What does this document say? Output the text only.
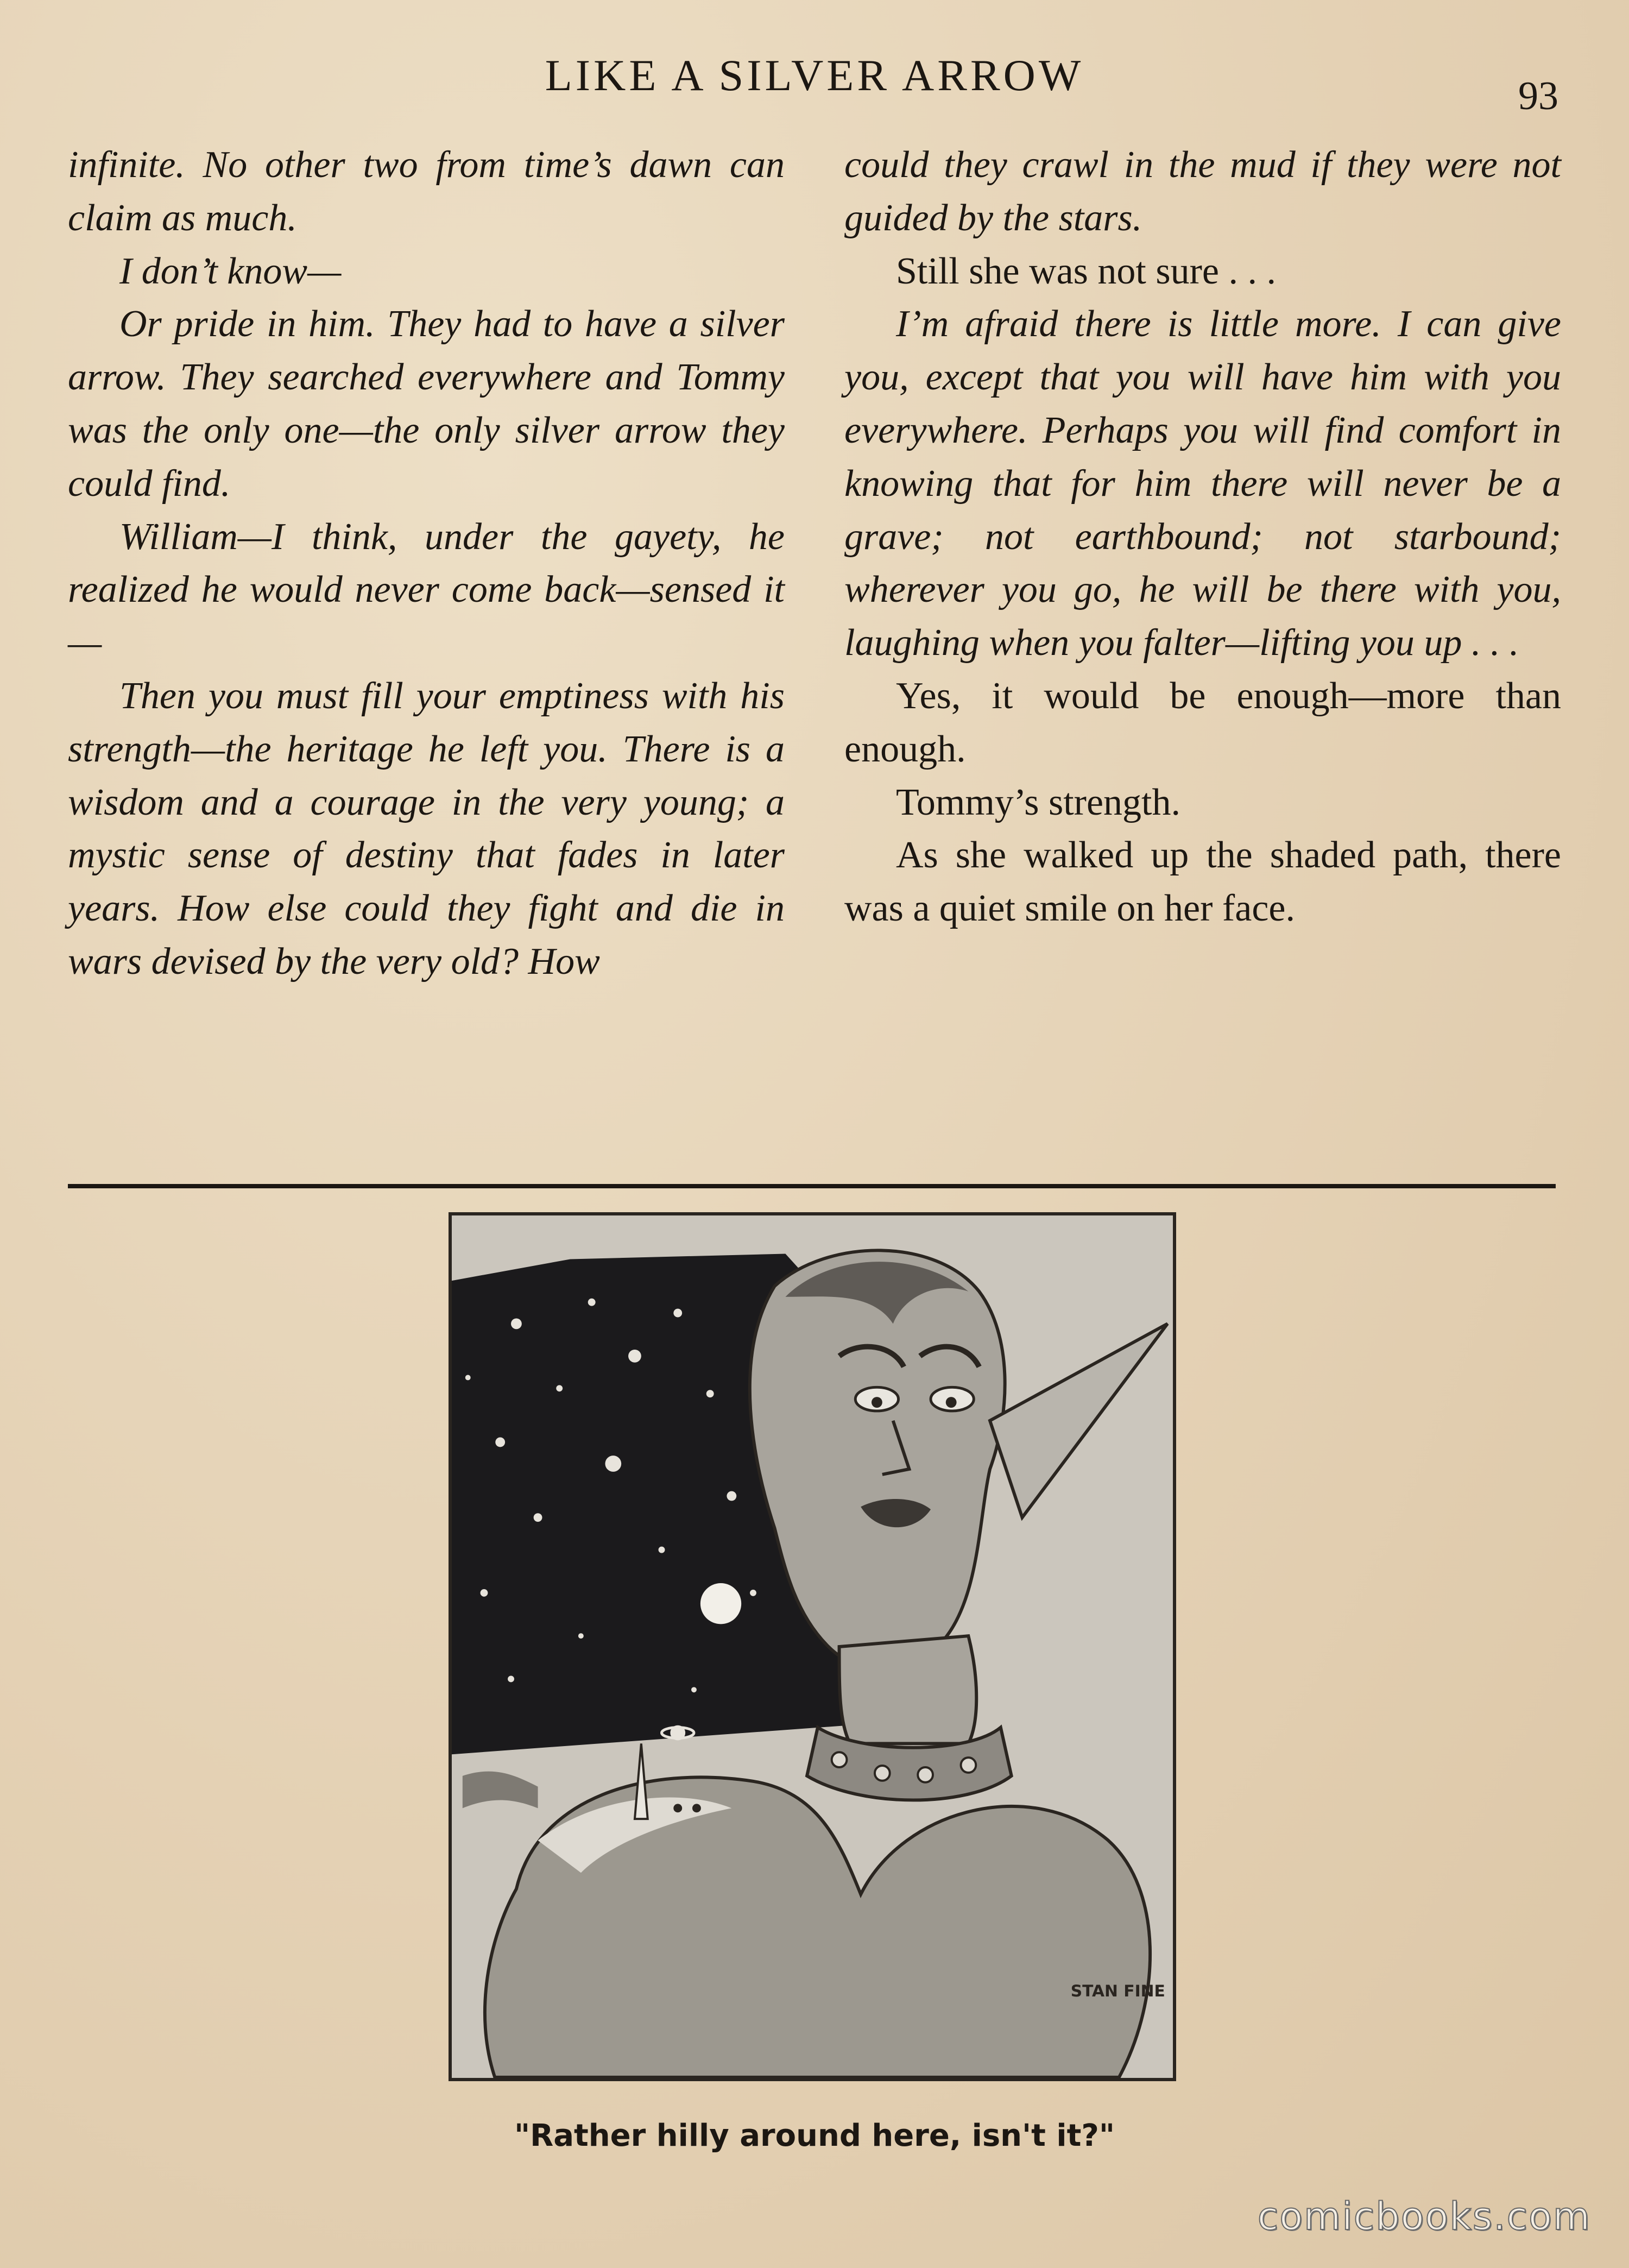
LIKE A SILVER ARROW	93

infinite. No other two from time’s dawn can claim as much.

I don’t know—

Or pride in him. They had to have a silver arrow. They searched everywhere and Tommy was the only one—the only silver arrow they could find.

William—I think, under the gayety, he realized he would never come back—sensed it—

Then you must fill your emptiness with his strength—the heritage he left you. There is a wisdom and a courage in the very young; a mystic sense of destiny that fades in later years. How else could they fight and die in wars devised by the very old? How

could they crawl in the mud if they were not guided by the stars.

Still she was not sure . . .

I’m afraid there is little more. I can give you, except that you will have him with you everywhere. Perhaps you will find comfort in knowing that for him there will never be a grave; not earthbound; not starbound; wherever you go, he will be there with you, laughing when you falter—lifting you up . . .

Yes, it would be enough—more than enough.

Tommy’s strength.

As she walked up the shaded path, there was a quiet smile on her face.

STAN FINE
"Rather hilly around here, isn't it?"
comicbooks.com
